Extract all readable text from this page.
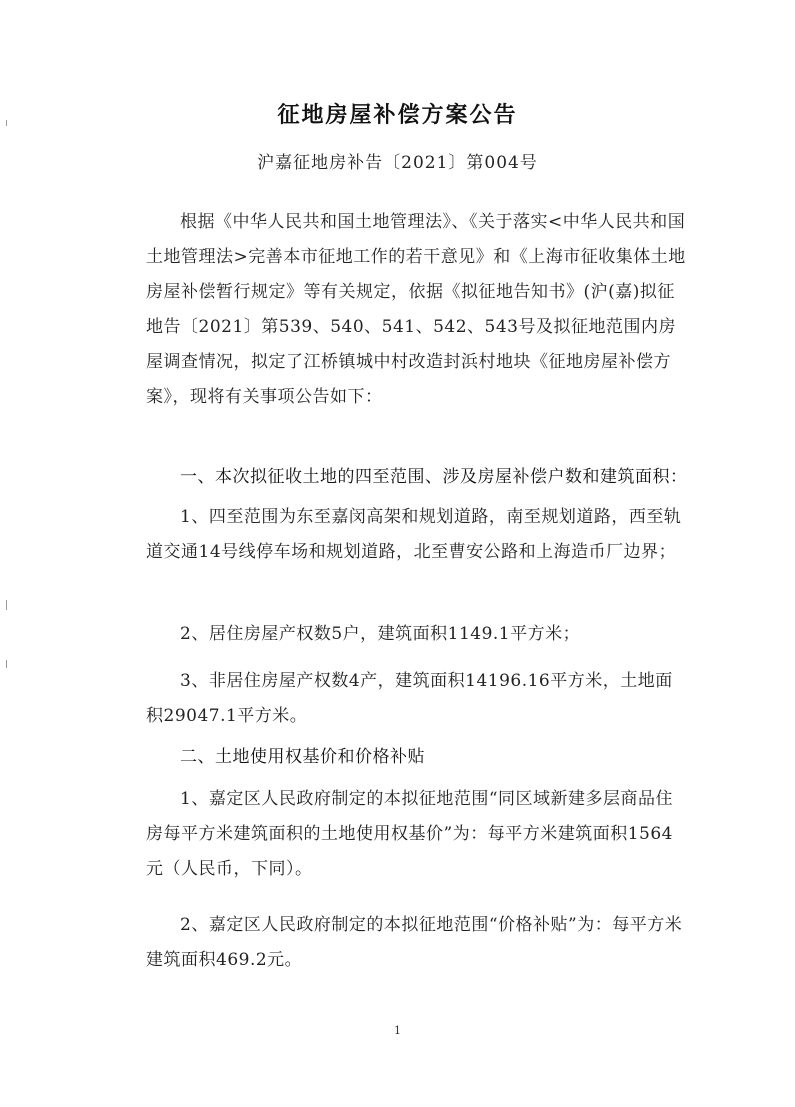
征地房屋补偿方案公告
沪嘉征地房补告〔2021〕第004号
根据《中华人民共和国土地管理法》、《关于落实<中华人民共和国土地管理法>完善本市征地工作的若干意见》和《上海市征收集体土地房屋补偿暂行规定》等有关规定，依据《拟征地告知书》(沪(嘉)拟征地告〔2021〕第539、540、541、542、543号及拟征地范围内房屋调查情况，拟定了江桥镇城中村改造封浜村地块《征地房屋补偿方案》，现将有关事项公告如下：
一、本次拟征收土地的四至范围、涉及房屋补偿户数和建筑面积：
1、四至范围为东至嘉闵高架和规划道路，南至规划道路，西至轨道交通14号线停车场和规划道路，北至曹安公路和上海造币厂边界；
2、居住房屋产权数5户，建筑面积1149.1平方米；
3、非居住房屋产权数4产，建筑面积14196.16平方米，土地面积29047.1平方米。
二、土地使用权基价和价格补贴
1、嘉定区人民政府制定的本拟征地范围“同区域新建多层商品住房每平方米建筑面积的土地使用权基价”为：每平方米建筑面积1564元（人民币，下同）。
2、嘉定区人民政府制定的本拟征地范围“价格补贴”为：每平方米建筑面积469.2元。
1
